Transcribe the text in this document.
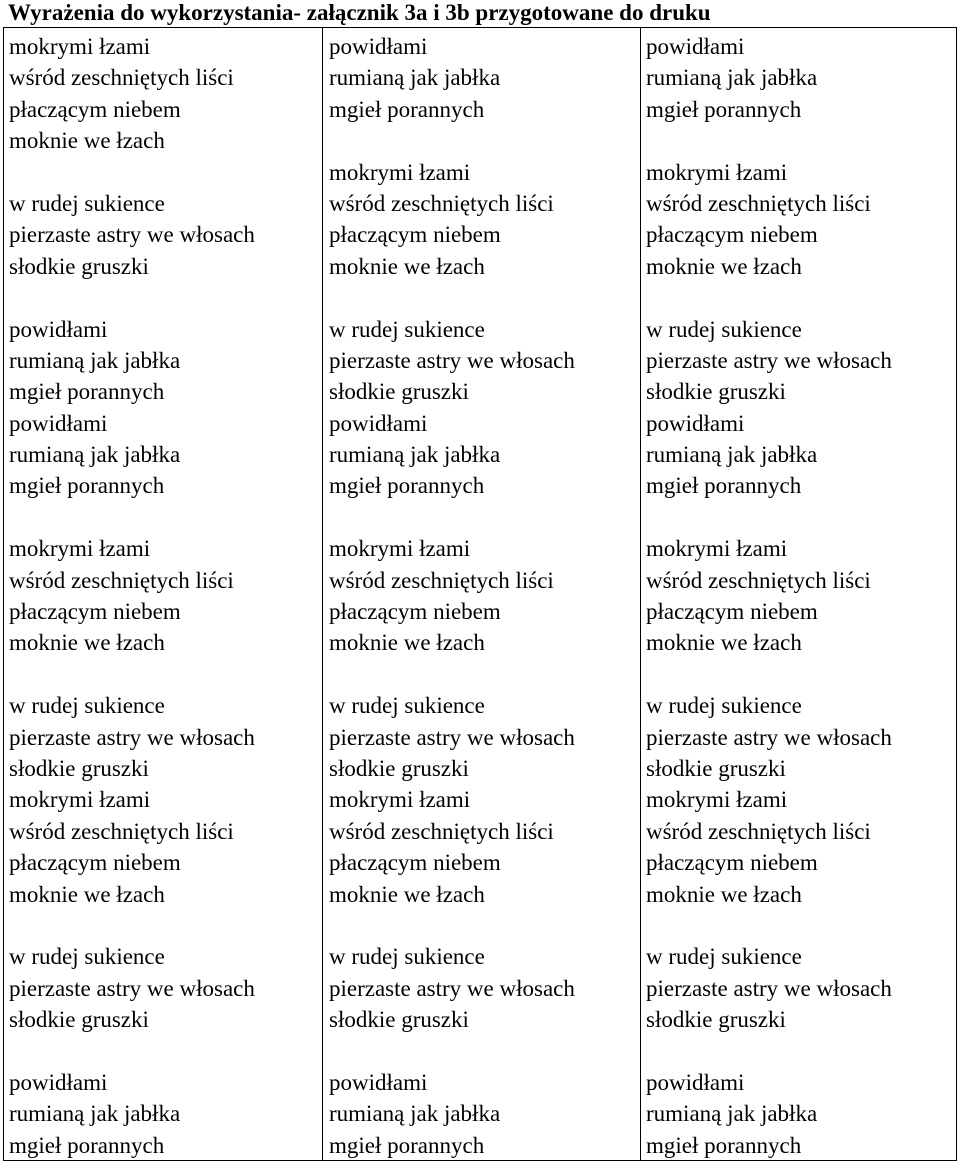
Wyrażenia do wykorzystania- załącznik 3a i 3b przygotowane do druku
mokrymi łzami
wśród zeschniętych liści
płaczącym niebem
moknie we łzach
w rudej sukience
pierzaste astry we włosach
słodkie gruszki
powidłami
rumianą jak jabłka
mgieł porannych
powidłami
rumianą jak jabłka
mgieł porannych
mokrymi łzami
wśród zeschniętych liści
płaczącym niebem
moknie we łzach
w rudej sukience
pierzaste astry we włosach
słodkie gruszki
mokrymi łzami
wśród zeschniętych liści
płaczącym niebem
moknie we łzach
w rudej sukience
pierzaste astry we włosach
słodkie gruszki
powidłami
rumianą jak jabłka
mgieł porannych
powidłami
rumianą jak jabłka
mgieł porannych
mokrymi łzami
wśród zeschniętych liści
płaczącym niebem
moknie we łzach
w rudej sukience
pierzaste astry we włosach
słodkie gruszki
powidłami
rumianą jak jabłka
mgieł porannych
mokrymi łzami
wśród zeschniętych liści
płaczącym niebem
moknie we łzach
w rudej sukience
pierzaste astry we włosach
słodkie gruszki
mokrymi łzami
wśród zeschniętych liści
płaczącym niebem
moknie we łzach
w rudej sukience
pierzaste astry we włosach
słodkie gruszki
powidłami
rumianą jak jabłka
mgieł porannych
powidłami
rumianą jak jabłka
mgieł porannych
mokrymi łzami
wśród zeschniętych liści
płaczącym niebem
moknie we łzach
w rudej sukience
pierzaste astry we włosach
słodkie gruszki
powidłami
rumianą jak jabłka
mgieł porannych
mokrymi łzami
wśród zeschniętych liści
płaczącym niebem
moknie we łzach
w rudej sukience
pierzaste astry we włosach
słodkie gruszki
mokrymi łzami
wśród zeschniętych liści
płaczącym niebem
moknie we łzach
w rudej sukience
pierzaste astry we włosach
słodkie gruszki
powidłami
rumianą jak jabłka
mgieł porannych
